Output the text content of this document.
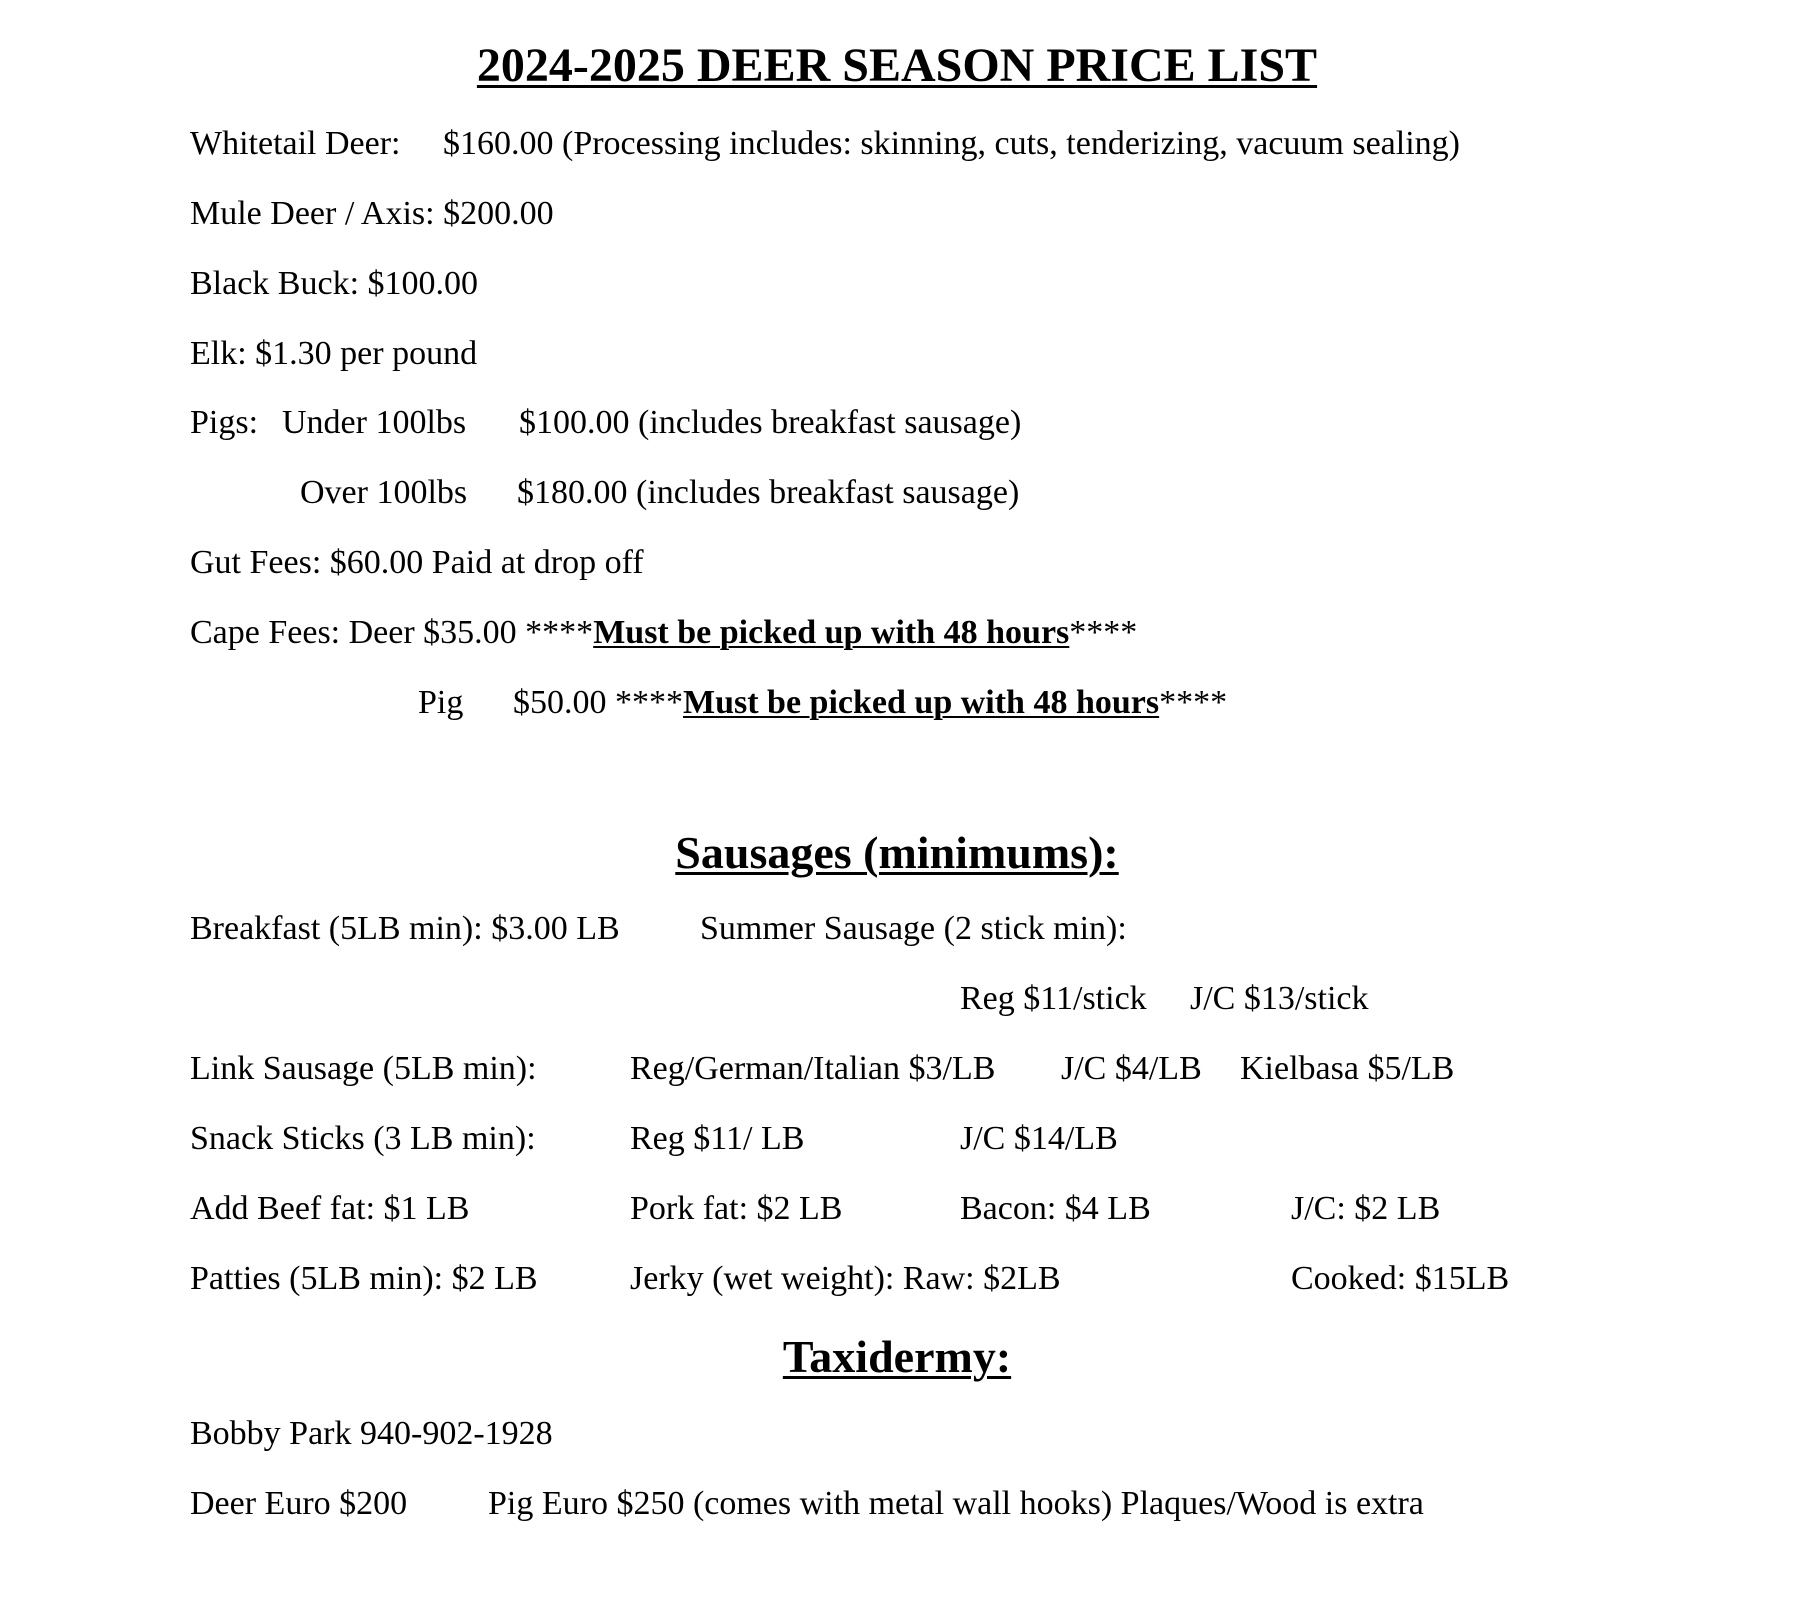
2024-2025 DEER SEASON PRICE LIST
Whitetail Deer: $160.00 (Processing includes: skinning, cuts, tenderizing, vacuum sealing)
Mule Deer / Axis: $200.00
Black Buck: $100.00
Elk: $1.30 per pound
Pigs: Under 100lbs $100.00 (includes breakfast sausage)
Over 100lbs $180.00 (includes breakfast sausage)
Gut Fees: $60.00 Paid at drop off
Cape Fees: Deer $35.00 ****Must be picked up with 48 hours****
Pig $50.00 ****Must be picked up with 48 hours****
Sausages (minimums):
Breakfast (5LB min): $3.00 LB Summer Sausage (2 stick min):
Reg $11/stick J/C $13/stick
Link Sausage (5LB min):	Reg/German/Italian $3/LB J/C $4/LB Kielbasa $5/LB
Snack Sticks (3 LB min):	Reg $11/ LB	J/C $14/LB
Add Beef fat: $1 LB	Pork fat: $2 LB	Bacon: $4 LB	J/C: $2 LB
Patties (5LB min): $2 LB	Jerky (wet weight): Raw: $2LB	Cooked: $15LB
Taxidermy:
Bobby Park 940-902-1928
Deer Euro $200 Pig Euro $250 (comes with metal wall hooks) Plaques/Wood is extra
